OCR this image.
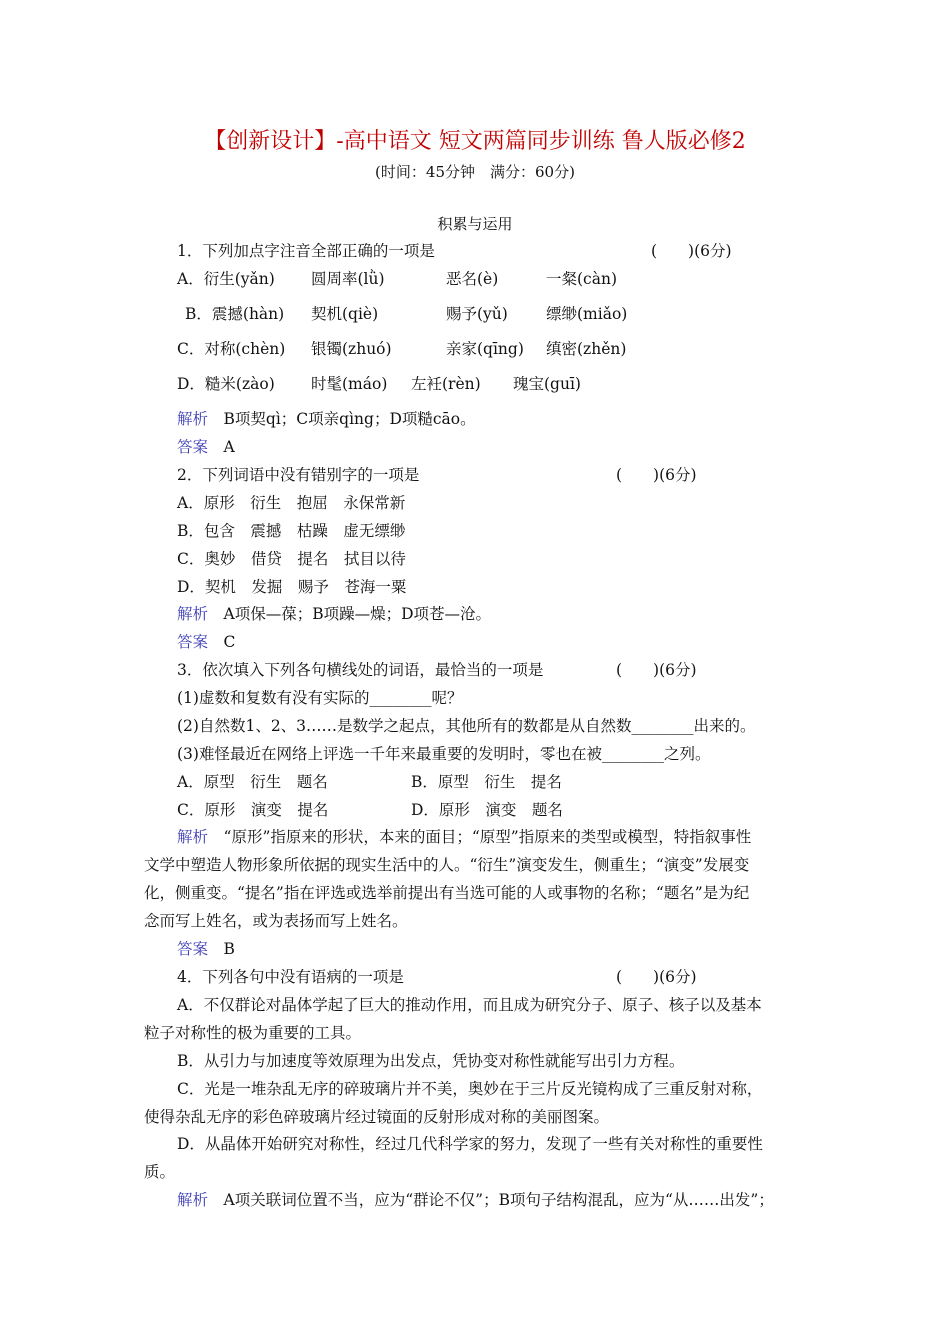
【创新设计】-高中语文 短文两篇同步训练 鲁人版必修2
(时间：45分钟　满分：60分)
积累与运用
1．下列加点字注音全部正确的一项是	(　　)(6分)
A．衍生(yǎn) 圆周率(lǜ)	恶名(è)	一粲(càn)
B．震撼(hàn) 契机(qiè)	赐予(yǔ) 缥缈(miǎo)
C．对称(chèn) 银镯(zhuó)	亲家(qīng) 缜密(zhěn)
D．糙米(zào) 时髦(máo) 左衽(rèn) 瑰宝(guī)
解析　 B项契qì；C项亲qìng；D项糙cāo。
答案　 A
2．下列词语中没有错别字的一项是	(　　)(6分)
A．原形　衍生　抱屈　永保常新
B．包含　震撼　枯躁　虚无缥缈
C．奥妙　借贷　提名　拭目以待
D．契机　发掘　赐予　苍海一粟
解析　 A项保—葆；B项躁—燥；D项苍—沧。
答案　 C
3．依次填入下列各句横线处的词语，最恰当的一项是	(　　)(6分)
(1)虚数和复数有没有实际的________呢？
(2)自然数1、2、3……是数学之起点，其他所有的数都是从自然数________出来的。
(3)难怪最近在网络上评选一千年来最重要的发明时，零也在被________之列。
A．原型　衍生　题名	B．原型　衍生　提名
C．原形　演变　提名	D．原形　演变　题名
解析　 “原形”指原来的形状，本来的面目；“原型”指原来的类型或模型，特指叙事性
文学中塑造人物形象所依据的现实生活中的人。“衍生”演变发生，侧重生；“演变”发展变
化，侧重变。“提名”指在评选或选举前提出有当选可能的人或事物的名称；“题名”是为纪
念而写上姓名，或为表扬而写上姓名。
答案　 B
4．下列各句中没有语病的一项是	(　　)(6分)
A．不仅群论对晶体学起了巨大的推动作用，而且成为研究分子、原子、核子以及基本
粒子对称性的极为重要的工具。
B．从引力与加速度等效原理为出发点，凭协变对称性就能写出引力方程。
C．光是一堆杂乱无序的碎玻璃片并不美，奥妙在于三片反光镜构成了三重反射对称，
使得杂乱无序的彩色碎玻璃片经过镜面的反射形成对称的美丽图案。
D．从晶体开始研究对称性，经过几代科学家的努力，发现了一些有关对称性的重要性
质。
解析　 A项关联词位置不当，应为“群论不仅”；B项句子结构混乱，应为“从……出发”；
